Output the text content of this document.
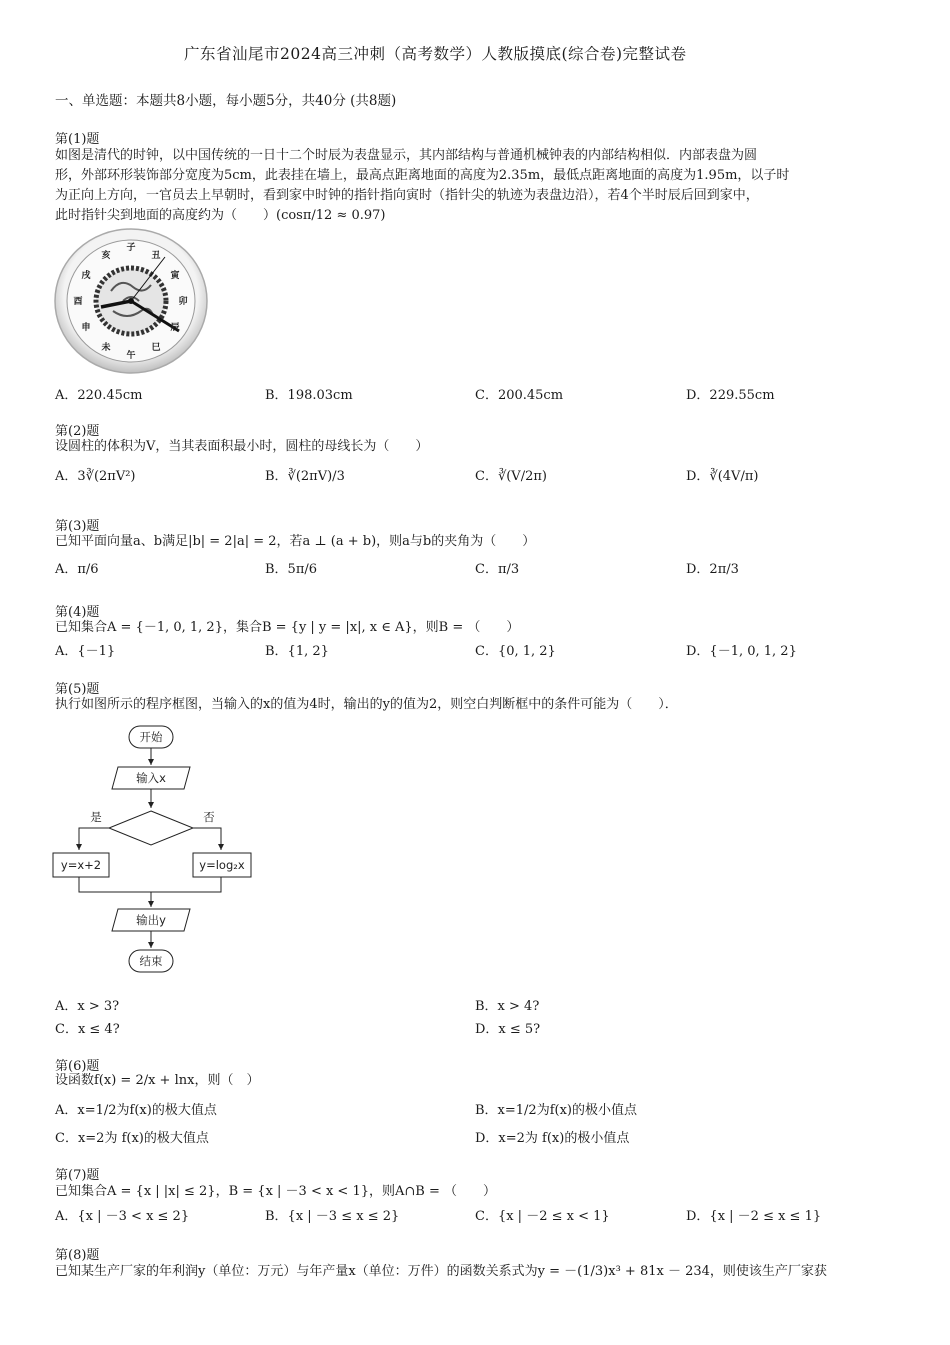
广东省汕尾市2024高三冲刺（高考数学）人教版摸底(综合卷)完整试卷
一、单选题：本题共8小题，每小题5分，共40分 (共8题)
第(1)题
如图是清代的时钟，以中国传统的一日十二个时辰为表盘显示，其内部结构与普通机械钟表的内部结构相似．内部表盘为圆
形，外部环形装饰部分宽度为5cm，此表挂在墙上，最高点距离地面的高度为2.35m，最低点距离地面的高度为1.95m，以子时
为正向上方向，一官员去上早朝时，看到家中时钟的指针指向寅时（指针尖的轨迹为表盘边沿），若4个半时辰后回到家中，
此时指针尖到地面的高度约为（　　）(cosπ/12 ≈ 0.97)
子
丑
寅
卯
辰
巳
午
未
申
酉
戌
亥
A．220.45cm	B．198.03cm	C．200.45cm	D．229.55cm
第(2)题
设圆柱的体积为V，当其表面积最小时，圆柱的母线长为（　　）
A．3∛(2πV²)	B．∛(2πV)/3	C．∛(V/2π)	D．∛(4V/π)
第(3)题
已知平面向量a、b满足|b| = 2|a| = 2，若a ⊥ (a + b)，则a与b的夹角为（　　）
A．π/6	B．5π/6	C．π/3	D．2π/3
第(4)题
已知集合A = {－1, 0, 1, 2}，集合B = {y | y = |x|, x ∈ A}，则B = （　　）
A．{－1}	B．{1, 2}	C．{0, 1, 2}	D．{－1, 0, 1, 2}
第(5)题
执行如图所示的程序框图，当输入的x的值为4时，输出的y的值为2，则空白判断框中的条件可能为（　　）．
开始
输入x
是	否
y=x+2	y=log₂x
输出y
结束
A．x > 3?	B．x > 4?
C．x ≤ 4?	D．x ≤ 5?
第(6)题
设函数f(x) = 2/x + lnx，则（　）
A．x=1/2为f(x)的极大值点	B．x=1/2为f(x)的极小值点
C．x=2为 f(x)的极大值点	D．x=2为 f(x)的极小值点
第(7)题
已知集合A = {x | |x| ≤ 2}，B = {x | －3 < x < 1}，则A∩B = （　　）
A．{x | －3 < x ≤ 2}	B．{x | －3 ≤ x ≤ 2}	C．{x | －2 ≤ x < 1}	D．{x | －2 ≤ x ≤ 1}
第(8)题
已知某生产厂家的年利润y（单位：万元）与年产量x（单位：万件）的函数关系式为y = －(1/3)x³ + 81x － 234，则使该生产厂家获
